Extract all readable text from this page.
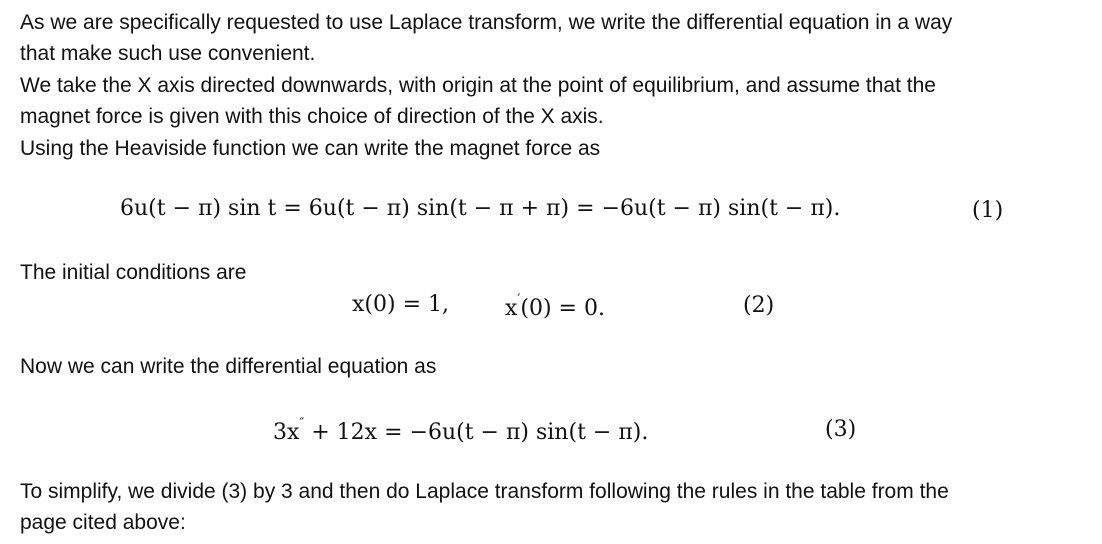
As we are specifically requested to use Laplace transform, we write the differential equation in a way

that make such use convenient.

We take the X axis directed downwards, with origin at the point of equilibrium, and assume that the

magnet force is given with this choice of direction of the X axis.

Using the Heaviside function we can write the magnet force as

6u(t − π) sin t = 6u(t − π) sin(t − π + π) = −6u(t − π) sin(t − π).	(1)

The initial conditions are

x(0) = 1,	x′(0) = 0.	(2)

Now we can write the differential equation as

3x″ + 12x = −6u(t − π) sin(t − π).	(3)

To simplify, we divide (3) by 3 and then do Laplace transform following the rules in the table from the

page cited above:
